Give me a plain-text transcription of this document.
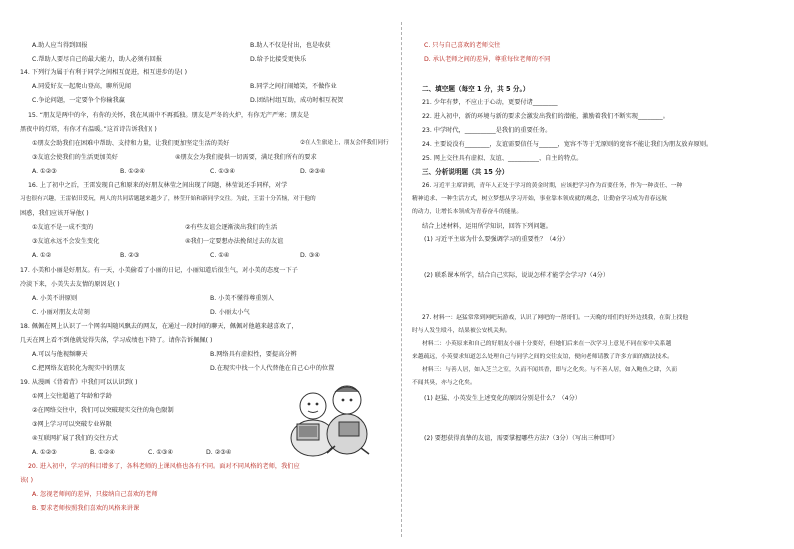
A.助人应当得到回报	B.助人不仅是付出，也是收获
C.帮助人要尽自己的最大能力，助人必须有回报	D.给予比接受更快乐
14. 下列行为属于有利于同学之间相互促进，相互进步的是( )
A.同爱好友一起爬山登高，聊所见闻	B.同学之间打闹嬉笑，不做作业
C.争论问题，一定要争个你输我赢	D.团结村组互助，成功时相互祝贺
15. “朋友是两中的伞，有你的关怀，我在风雨中不再孤独。朋友是严冬的火炉，有你无产严寒；朋友是
黑夜中的灯塔，有你才有温暖。”这首诗告诉我们( )
①朋友会助我们在困难中帮助、支持和力量，让我们更加坚定生活的美好	②在人生旅途上，朋友会伴我们同行
③友谊会使我们的生活更加美好	④朋友会为我们提供一切需要，满足我们所有的要求
A. ①②③	B. ①②④	C. ①③④	D. ②③④
16. 上了初中之后，王雷发现自己和原来的好朋友林莹之间出现了问题，林莹说还手同样，对学
习也很有兴趣，王雷依旧爱玩，两人的共同话题越来越少了，林莹开始和新同学交往。为此，王雷十分苦恼，对于他的
困惑，我们应该开导他( )
①友谊不是一成不变的	②有些友谊会逐渐淡出我们的生活
③友谊永远不会发生变化	④我们一定要想办法挽留过去的友谊
A. ①②	B. ②③	C. ①④	D. ③④
17. 小美和小丽是好朋友。有一天，小美偷看了小丽的日记，小丽知道后很生气，对小美的态度一下子
冷淡下来，小美失去友情的原因是( )
A. 小美不讲原则	B. 小美不懂得尊重别人
C. 小丽对朋友太苛刻	D. 小丽太小气
18. 佩佩在网上认识了一个网名叫随风飘去的网友，在通过一段时间的聊天，佩佩对他越来越喜欢了，
几天在网上看不到他就觉得失落，学习成绩也下降了。请你告诉佩佩( )
A.可以与他视频聊天	B.网络具有虚拟性，要提高分辨
C.把网络友谊转化为现实中的朋友	D.在现实中找一个人代替他在自己心中的位置
19. 从漫画《背着背》中我们可以认识到( )
①网上交往超越了年龄和学龄
②在网络交往中，我们可以突破现实交往的角色限制
③网上学习可以突破专业界限
④互联网扩展了我们的交往方式
A. ①②③	B. ①②④	C. ①③④	D. ②③④
20. 进入初中，学习的科目增多了，各科老师的上课风格也各有不同。面对不同风格的老师，我们应
该( )
A. 忽视老师间的差异，只接纳自己喜欢的老师
B. 要求老师按照我们喜欢的风格来讲课
C. 只与自己喜欢的老师交往
D. 承认老师之间的差异，尊重每位老师的不同
二、填空题（每空 1 分，共 5 分。）
21. 少年有梦，不应止于心动，更要付诸________
22. 进入初中，新的环境与新的要求会激发出我们的潜能，激励着我们不断实现________。
23. 中学时代，__________是我们的重要任务。
24. 主要说没有________，友谊需要信任与______，宽容不等于无原则的宽容不能让我们为朋友放弃原则。
25. 网上交往具有虚拟、友谊、__________、自主的特点。
三、分析说明题（共 15 分）
26. 习近平主席讲到，青年人正处于学习的黄金时期，应该把学习作为首要任务，作为一种责任、一种
精神追求、一种生活方式，树立梦想从学习开始，事业靠本领成就的观念，让勤奋学习成为青春远航
的动力，让增长本领成为青春奋斗的能量。
结合上述材料，运用所学知识，回答下列问题。
(1) 习近平主席为什么要强调学习的重要性？（4分）
(2) 联系课本所学，结合自己实际，说说怎样才能学会学习?（4分）
27. 材料一：赵猛常常到网吧玩游戏，认识了网吧的一帮哥们。一天晚的哥们约好外边找我，在街上找他
时与人发生殴斗，结果被公安机关拘。
材料二：小英原来和自己的好朋友小丽十分要好，但她们后来在一次学习上意见不同在家中关系越
来越疏远，小英要求知道怎么处理自己与同学之间的交往友谊，便向老师请教了许多方面的做法技术。
材料三：与善人居，如入芝兰之室，久而不闻其香，即与之化矣。与不善人居，如入鲍鱼之肆，久而
不闻其臭，亦与之化矣。
(1) 赵猛、小英发生上述变化的原因分别是什么？（4分）
(2) 要想获得真挚的友谊，需要掌握哪些方法?（3分）（写出三种即可）
